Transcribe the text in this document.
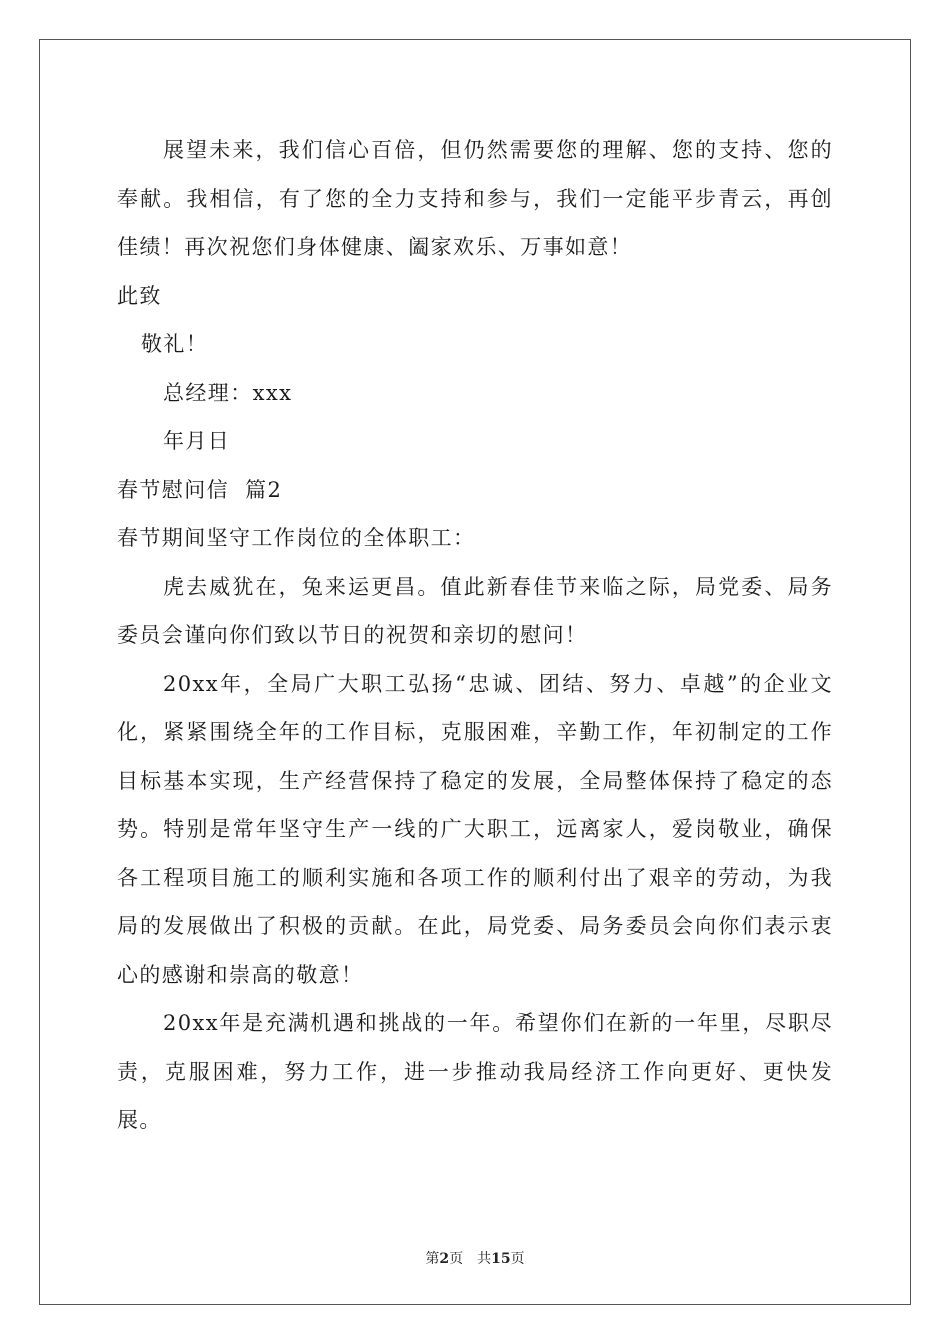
展望未来，我们信心百倍，但仍然需要您的理解、您的支持、您的奉献。我相信，有了您的全力支持和参与，我们一定能平步青云，再创佳绩！再次祝您们身体健康、阖家欢乐、万事如意！

此致

敬礼！

总经理：xxx

年月日

春节慰问信  篇2

春节期间坚守工作岗位的全体职工：

虎去威犹在，兔来运更昌。值此新春佳节来临之际，局党委、局务委员会谨向你们致以节日的祝贺和亲切的慰问！

20xx年，全局广大职工弘扬“忠诚、团结、努力、卓越”的企业文化，紧紧围绕全年的工作目标，克服困难，辛勤工作，年初制定的工作目标基本实现，生产经营保持了稳定的发展，全局整体保持了稳定的态势。特别是常年坚守生产一线的广大职工，远离家人，爱岗敬业，确保各工程项目施工的顺利实施和各项工作的顺利付出了艰辛的劳动，为我局的发展做出了积极的贡献。在此，局党委、局务委员会向你们表示衷心的感谢和崇高的敬意！

20xx年是充满机遇和挑战的一年。希望你们在新的一年里，尽职尽责，克服困难，努力工作，进一步推动我局经济工作向更好、更快发展。

第2页 共15页
